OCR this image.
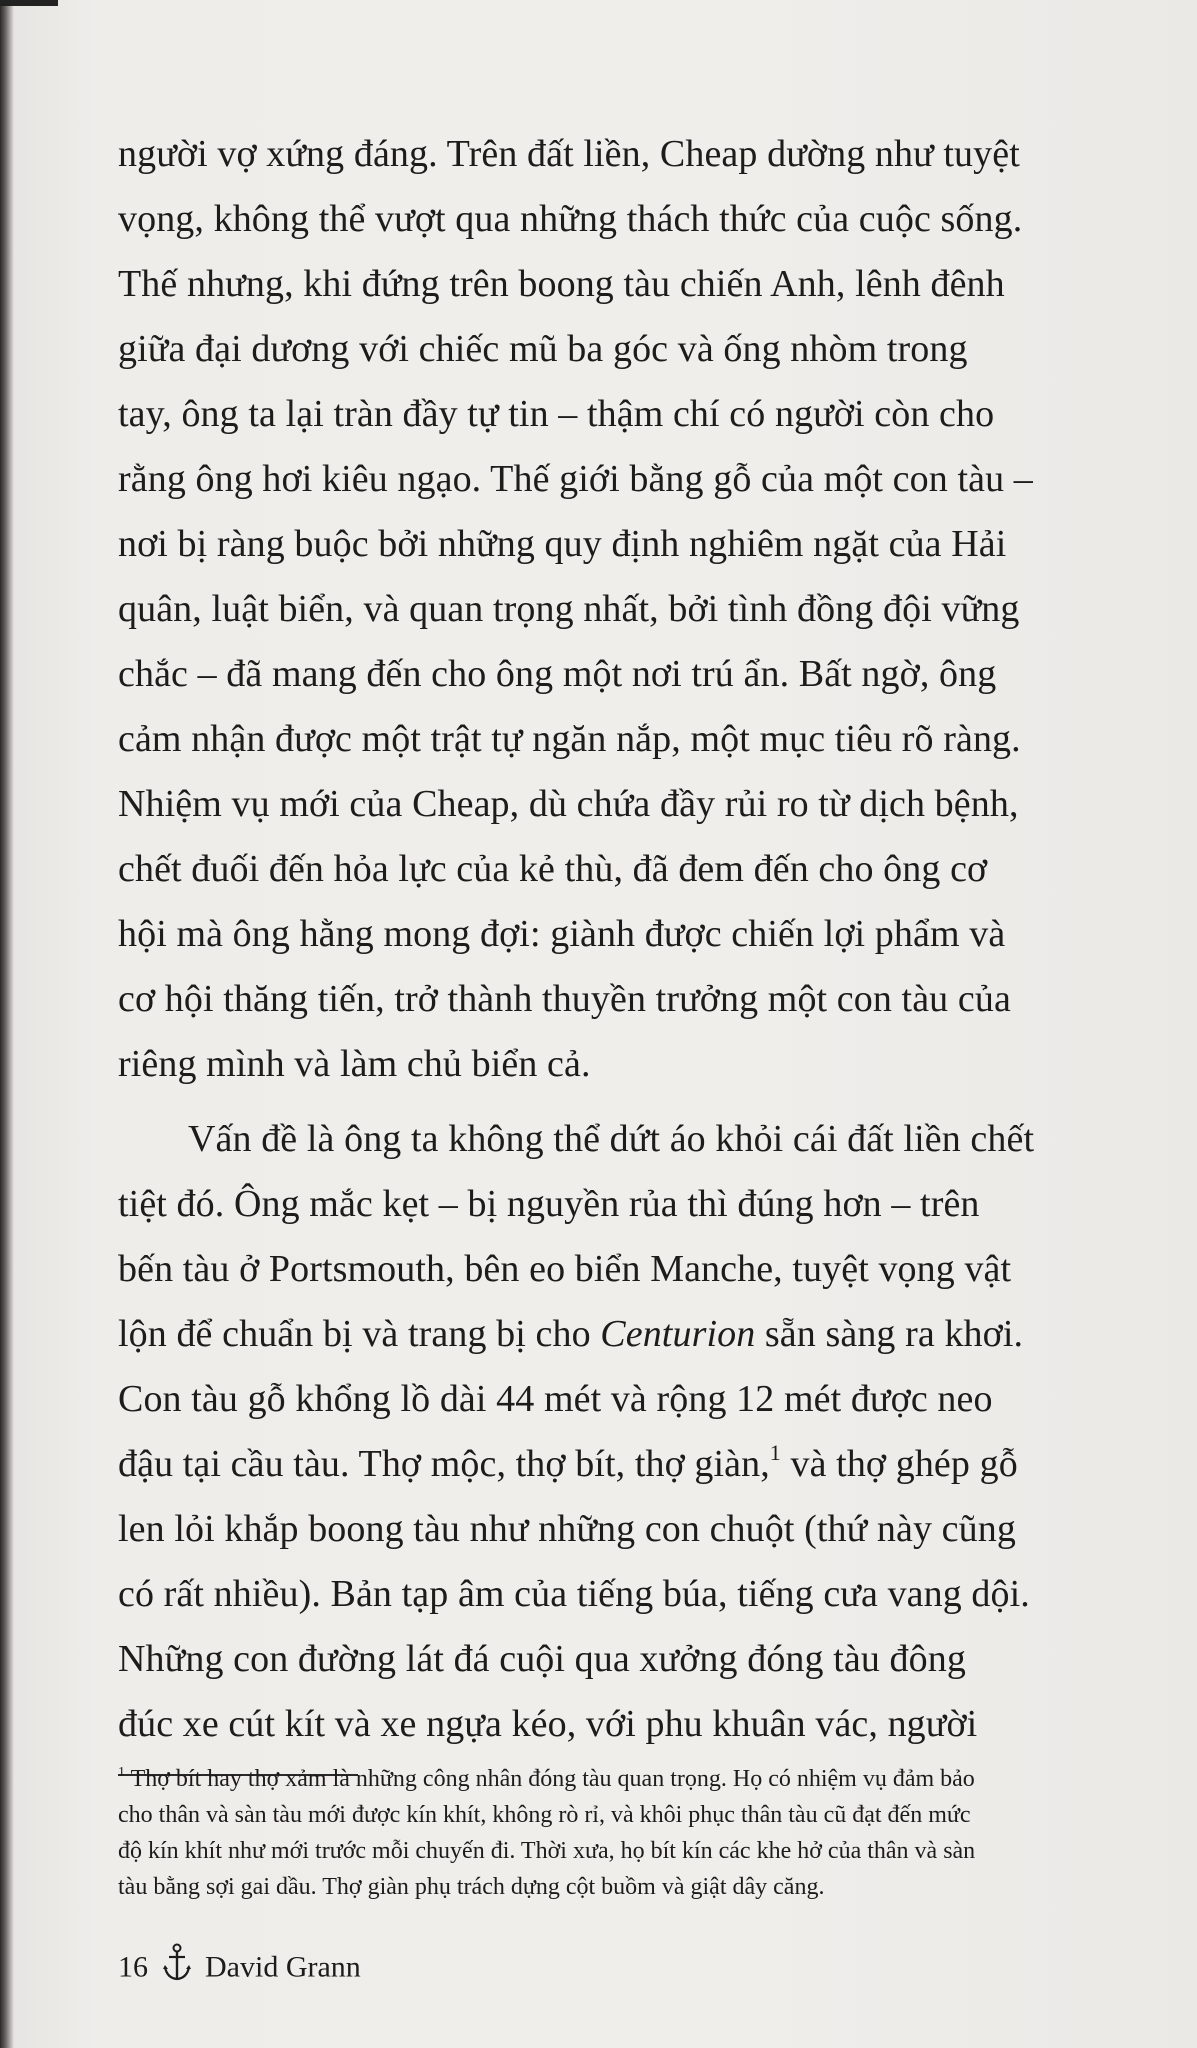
người vợ xứng đáng. Trên đất liền, Cheap dường như tuyệt
vọng, không thể vượt qua những thách thức của cuộc sống.
Thế nhưng, khi đứng trên boong tàu chiến Anh, lênh đênh
giữa đại dương với chiếc mũ ba góc và ống nhòm trong
tay, ông ta lại tràn đầy tự tin – thậm chí có người còn cho
rằng ông hơi kiêu ngạo. Thế giới bằng gỗ của một con tàu –
nơi bị ràng buộc bởi những quy định nghiêm ngặt của Hải
quân, luật biển, và quan trọng nhất, bởi tình đồng đội vững
chắc – đã mang đến cho ông một nơi trú ẩn. Bất ngờ, ông
cảm nhận được một trật tự ngăn nắp, một mục tiêu rõ ràng.
Nhiệm vụ mới của Cheap, dù chứa đầy rủi ro từ dịch bệnh,
chết đuối đến hỏa lực của kẻ thù, đã đem đến cho ông cơ
hội mà ông hằng mong đợi: giành được chiến lợi phẩm và
cơ hội thăng tiến, trở thành thuyền trưởng một con tàu của
riêng mình và làm chủ biển cả.
Vấn đề là ông ta không thể dứt áo khỏi cái đất liền chết
tiệt đó. Ông mắc kẹt – bị nguyền rủa thì đúng hơn – trên
bến tàu ở Portsmouth, bên eo biển Manche, tuyệt vọng vật
lộn để chuẩn bị và trang bị cho Centurion sẵn sàng ra khơi.
Con tàu gỗ khổng lồ dài 44 mét và rộng 12 mét được neo
đậu tại cầu tàu. Thợ mộc, thợ bít, thợ giàn,$^1$ và thợ ghép gỗ
len lỏi khắp boong tàu như những con chuột (thứ này cũng
có rất nhiều). Bản tạp âm của tiếng búa, tiếng cưa vang dội.
Những con đường lát đá cuội qua xưởng đóng tàu đông
đúc xe cút kít và xe ngựa kéo, với phu khuân vác, người
$^1$ Thợ bít hay thợ xảm là những công nhân đóng tàu quan trọng. Họ có nhiệm vụ đảm bảo
cho thân và sàn tàu mới được kín khít, không rò rỉ, và khôi phục thân tàu cũ đạt đến mức
độ kín khít như mới trước mỗi chuyến đi. Thời xưa, họ bít kín các khe hở của thân và sàn
tàu bằng sợi gai dầu. Thợ giàn phụ trách dựng cột buồm và giật dây căng.
16 David Grann
